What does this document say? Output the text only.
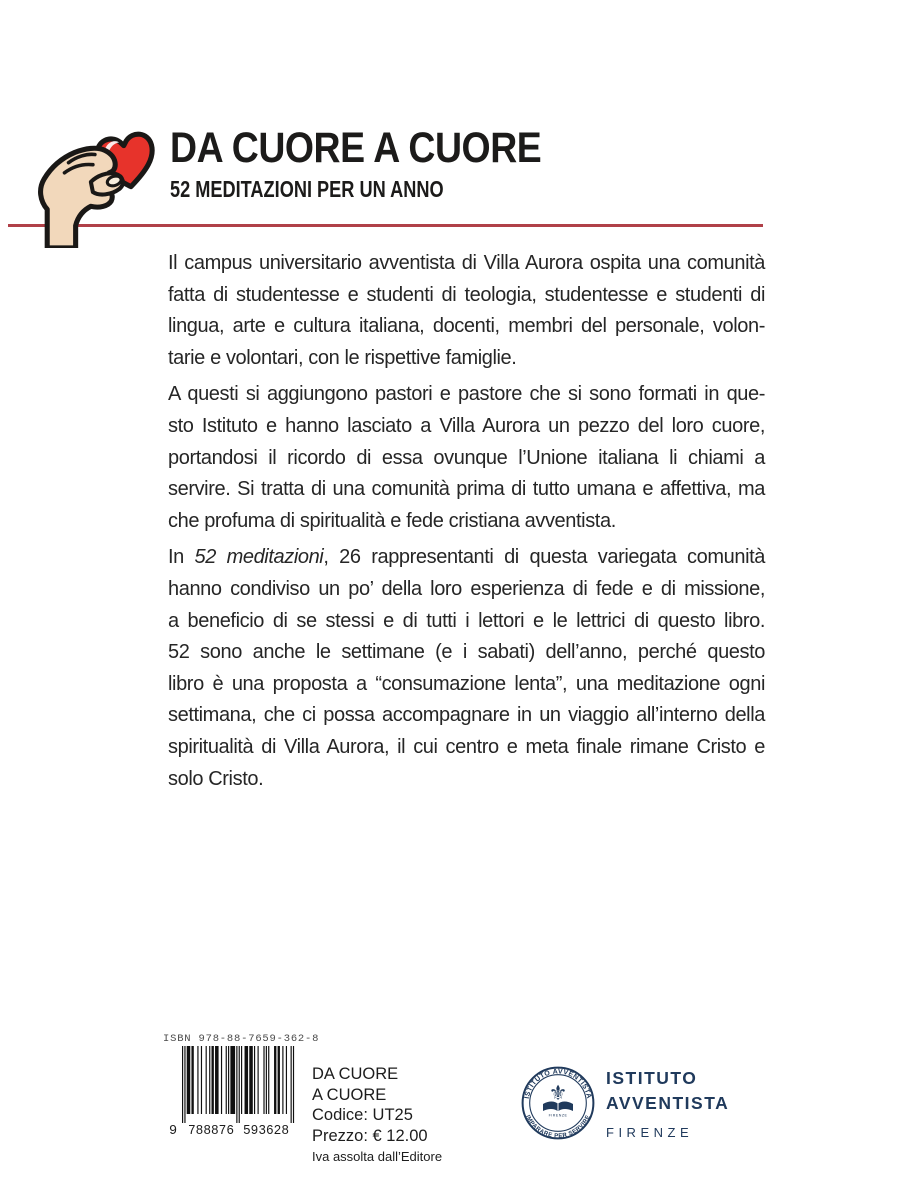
DA CUORE A CUORE
52 MEDITAZIONI PER UN ANNO
Il campus universitario avventista di Villa Aurora ospita una comunità
fatta di studentesse e studenti di teologia, studentesse e studenti di
lingua, arte e cultura italiana, docenti, membri del personale, volon-
tarie e volontari, con le rispettive famiglie.
A questi si aggiungono pastori e pastore che si sono formati in que-
sto Istituto e hanno lasciato a Villa Aurora un pezzo del loro cuore,
portandosi il ricordo di essa ovunque l’Unione italiana li chiami a
servire. Si tratta di una comunità prima di tutto umana e affettiva, ma
che profuma di spiritualità e fede cristiana avventista.
In 52 meditazioni, 26 rappresentanti di questa variegata comunità
hanno condiviso un po’ della loro esperienza di fede e di missione,
a beneficio di se stessi e di tutti i lettori e le lettrici di questo libro.
52 sono anche le settimane (e i sabati) dell’anno, perché questo
libro è una proposta a “consumazione lenta”, una meditazione ogni
settimana, che ci possa accompagnare in un viaggio all’interno della
spiritualità di Villa Aurora, il cui centro e meta finale rimane Cristo e
solo Cristo.
ISBN 978-88-7659-362-8
9 788876 593628
DA CUORE
A CUORE
Codice: UT25
Prezzo: € 12.00
Iva assolta dall’Editore
ISTITUTO AVVENTISTA
IMPARARE PER SERVIRE
⚜
FIRENZE
ISTITUTO
AVVENTISTA
FIRENZE
